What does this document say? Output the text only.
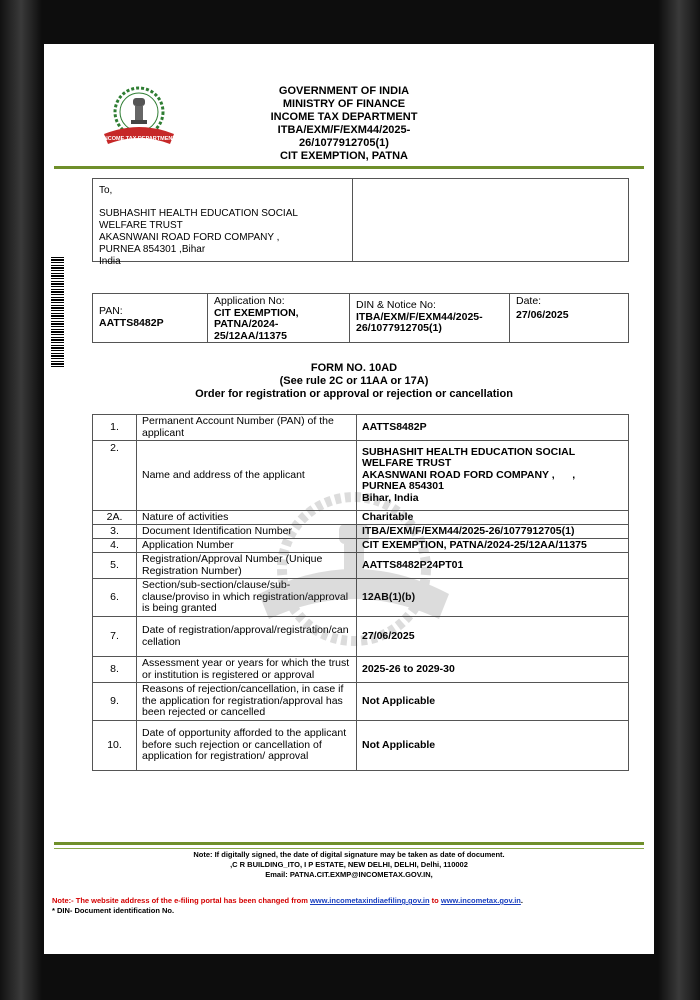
INCOME TAX DEPARTMENT
GOVERNMENT OF INDIA
MINISTRY OF FINANCE
INCOME TAX DEPARTMENT
ITBA/EXM/F/EXM44/2025-
26/1077912705(1)
CIT EXEMPTION, PATNA
To,
SUBHASHIT HEALTH EDUCATION SOCIAL
WELFARE TRUST
AKASNWANI ROAD FORD COMPANY ,
PURNEA 854301 ,Bihar
India
PAN:
AATTS8482P
Application No:
CIT EXEMPTION, PATNA/2024-25/12AA/11375
DIN & Notice No:
ITBA/EXM/F/EXM44/2025-26/1077912705(1)
Date:
27/06/2025
FORM NO. 10AD
(See rule 2C or 11AA or 17A)
Order for registration or approval or rejection or cancellation
1.	Permanent Account Number (PAN) of the applicant	AATTS8482P
2.	Name and address of the applicant	SUBHASHIT HEALTH EDUCATION SOCIAL WELFARE TRUST
AKASNWANI ROAD FORD COMPANY ,      ,
PURNEA 854301
Bihar, India

2A.	Nature of activities	Charitable
3.	Document Identification Number	ITBA/EXM/F/EXM44/2025-26/1077912705(1)
4.	Application Number	CIT EXEMPTION, PATNA/2024-25/12AA/11375
5.	Registration/Approval Number (Unique Registration Number)	AATTS8482P24PT01
6.	Section/sub-section/clause/sub-clause/proviso in which registration/approval is being granted	12AB(1)(b)
7.	Date of registration/approval/registration/cancellation	27/06/2025
8.	Assessment year or years for which the trust or institution is registered or approval	2025-26 to 2029-30
9.	Reasons of rejection/cancellation, in case if the application for registration/approval has been rejected or cancelled	Not Applicable
10.	Date of opportunity afforded to the applicant before such rejection or cancellation of application for registration/ approval	Not Applicable
Note: If digitally signed, the date of digital signature may be taken as date of document.
,C R BUILDING_ITO, I P ESTATE, NEW DELHI, DELHI, Delhi, 110002
Email: PATNA.CIT.EXMP@INCOMETAX.GOV.IN,
Note:- The website address of the e-filing portal has been changed from www.incometaxindiaefiling.gov.in to www.incometax.gov.in.
* DIN- Document identification No.
